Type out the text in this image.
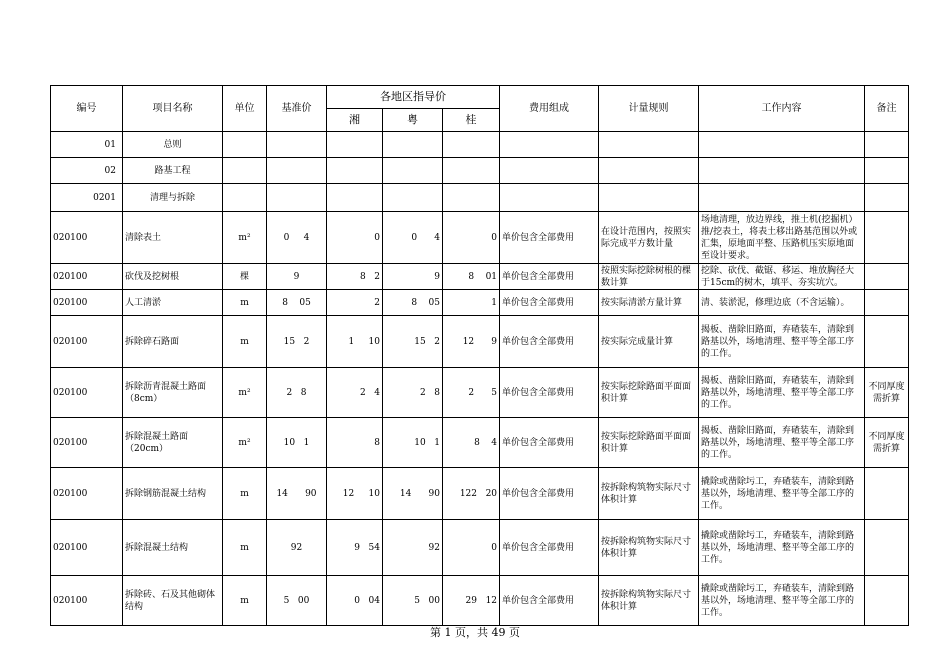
编号	项目名称	单位	基准价	各地区指导价			费用组成	计量规则	工作内容	备注
				湘	粤	桂				
01	总则									
02	路基工程									
0201	清理与拆除									
020100	清除表土	m²	0     4	0	0      4	0	单价包含全部费用	在设计范围内，按照实际完成平方数计量	场地清理，放边界线，推土机(挖掘机）推/挖表土，将表土移出路基范围以外或汇集，原地面平整、压路机压实原地面至设计要求。	
020100	砍伐及挖树根	棵	9	8   2	9	8    01	单价包含全部费用	按照实际挖除树根的棵数计算	挖除、砍伐、截锯、移运、堆放胸径大于15cm的树木，填平、夯实坑穴。	
020100	人工清淤	m	8    05	2	8    05	1	单价包含全部费用	按实际清淤方量计算	清、装淤泥，修理边底（不含运输）。	
020100	拆除碎石路面	m	15   2	1     10	15   2	12      9	单价包含全部费用	按实际完成量计算	揭板、凿除旧路面，弃碴装车，清除到路基以外，场地清理、整平等全部工序的工作。	
020100	拆除沥青混凝土路面（8cm）	m²	2   8	2   4	2   8	2      5	单价包含全部费用	按实际挖除路面平面面积计算	揭板、凿除旧路面，弃碴装车，清除到路基以外，场地清理、整平等全部工序的工作。	不同厚度需折算
020100	拆除混凝土路面（20cm）	m²	10   1	8	10   1	8    4	单价包含全部费用	按实际挖除路面平面面积计算	揭板、凿除旧路面，弃碴装车，清除到路基以外，场地清理、整平等全部工序的工作。	不同厚度需折算
020100	拆除钢筋混凝土结构	m	14      90	12     10	14      90	122   20	单价包含全部费用	按拆除构筑物实际尺寸体积计算	撬除或凿除圬工，弃碴装车，清除到路基以外，场地清理、整平等全部工序的工作。	
020100	拆除混凝土结构	m	92	9   54	92	0	单价包含全部费用	按拆除构筑物实际尺寸体积计算	撬除或凿除圬工，弃碴装车，清除到路基以外，场地清理、整平等全部工序的工作。	
020100	拆除砖、石及其他砌体结构	m	5   00	0   04	5   00	29   12	单价包含全部费用	按拆除构筑物实际尺寸体积计算	撬除或凿除圬工，弃碴装车，清除到路基以外，场地清理、整平等全部工序的工作。	
第 1 页，共 49 页
